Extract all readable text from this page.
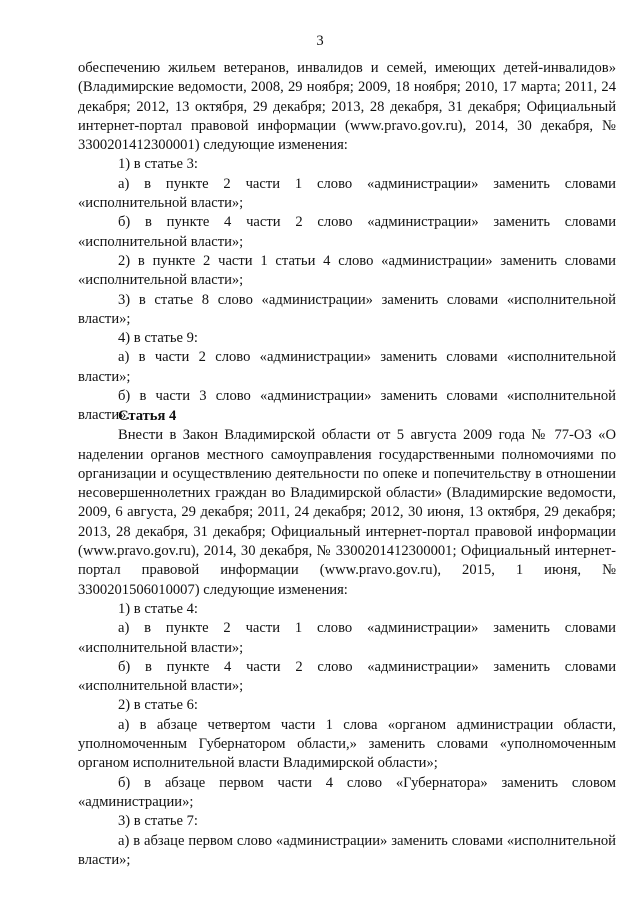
3

обеспечению жильем ветеранов, инвалидов и семей, имеющих детей-инвалидов» (Владимирские ведомости, 2008, 29 ноября; 2009, 18 ноября; 2010, 17 марта; 2011, 24 декабря; 2012, 13 октября, 29 декабря; 2013, 28 декабря, 31 декабря; Официальный интернет-портал правовой информации (www.pravo.gov.ru), 2014, 30 декабря, № 3300201412300001) следующие изменения:

1) в статье 3:

а) в пункте 2 части 1 слово «администрации» заменить словами «исполнительной власти»;

б) в пункте 4 части 2 слово «администрации» заменить словами «исполнительной власти»;

2) в пункте 2 части 1 статьи 4 слово «администрации» заменить словами «исполнительной власти»;

3) в статье 8 слово «администрации» заменить словами «исполнительной власти»;

4) в статье 9:

а) в части 2 слово «администрации» заменить словами «исполнительной власти»;

б) в части 3 слово «администрации» заменить словами «исполнительной власти».

Статья 4

Внести в Закон Владимирской области от 5 августа 2009 года № 77-ОЗ «О наделении органов местного самоуправления государственными полномочиями по организации и осуществлению деятельности по опеке и попечительству в отношении несовершеннолетних граждан во Владимирской области» (Владимирские ведомости, 2009, 6 августа, 29 декабря; 2011, 24 декабря; 2012, 30 июня, 13 октября, 29 декабря; 2013, 28 декабря, 31 декабря; Официальный интернет-портал правовой информации (www.pravo.gov.ru), 2014, 30 декабря, № 3300201412300001; Официальный интернет-портал правовой информации (www.pravo.gov.ru), 2015, 1 июня, № 3300201506010007) следующие изменения:

1) в статье 4:

а) в пункте 2 части 1 слово «администрации» заменить словами «исполнительной власти»;

б) в пункте 4 части 2 слово «администрации» заменить словами «исполнительной власти»;

2) в статье 6:

а) в абзаце четвертом части 1 слова «органом администрации области, уполномоченным Губернатором области,» заменить словами «уполномоченным органом исполнительной власти Владимирской области»;

б) в абзаце первом части 4 слово «Губернатора» заменить словом «администрации»;

3) в статье 7:

а) в абзаце первом слово «администрации» заменить словами «исполнительной власти»;
